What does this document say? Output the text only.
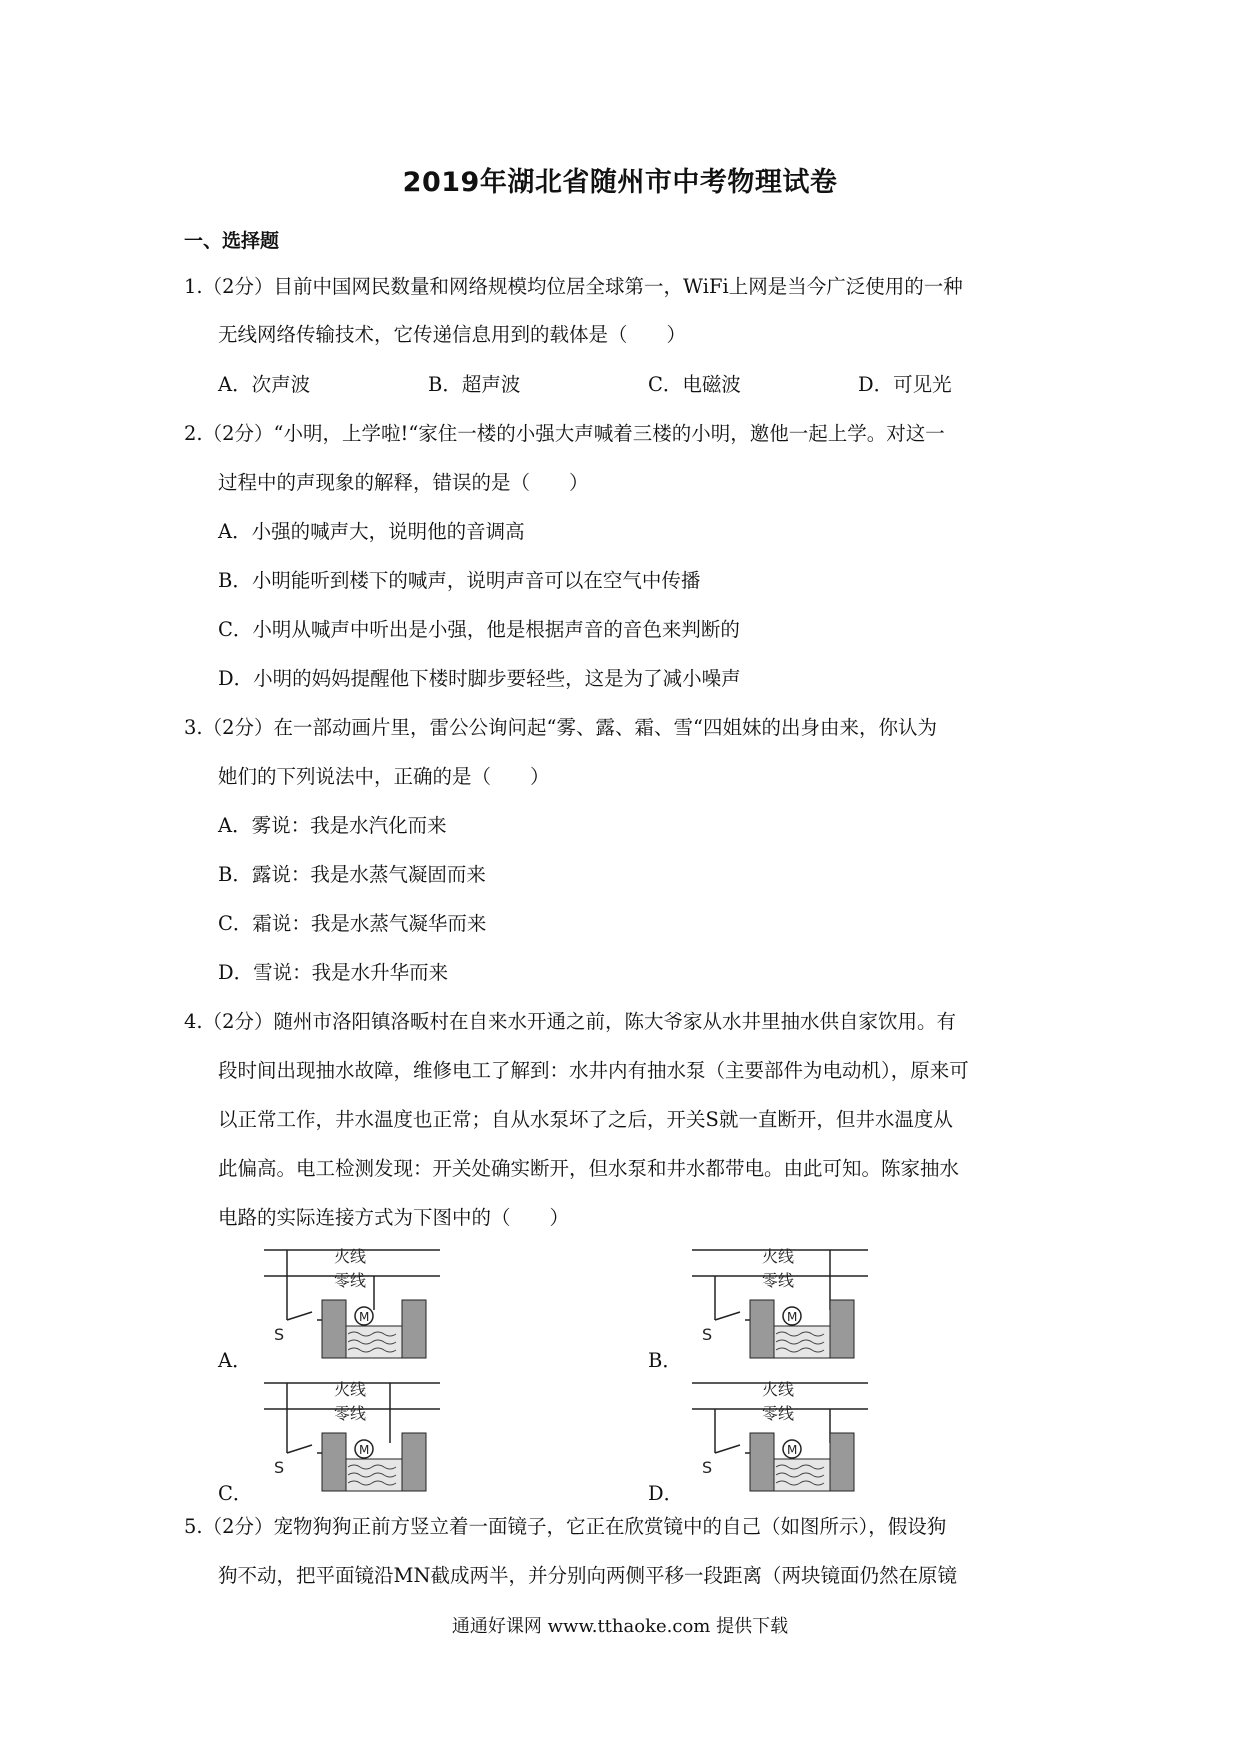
2019年湖北省随州市中考物理试卷
一、选择题
1.（2分）目前中国网民数量和网络规模均位居全球第一，WiFi上网是当今广泛使用的一种
无线网络传输技术，它传递信息用到的载体是（　　）
A．次声波	B．超声波	C．电磁波	D．可见光
2.（2分）“小明，上学啦!“家住一楼的小强大声喊着三楼的小明，邀他一起上学。对这一
过程中的声现象的解释，错误的是（　　）
A．小强的喊声大，说明他的音调高
B．小明能听到楼下的喊声，说明声音可以在空气中传播
C．小明从喊声中听出是小强，他是根据声音的音色来判断的
D．小明的妈妈提醒他下楼时脚步要轻些，这是为了减小噪声
3.（2分）在一部动画片里，雷公公询问起“雾、露、霜、雪“四姐妹的出身由来，你认为
她们的下列说法中，正确的是（　　）
A．雾说：我是水汽化而来
B．露说：我是水蒸气凝固而来
C．霜说：我是水蒸气凝华而来
D．雪说：我是水升华而来
4.（2分）随州市洛阳镇洛畈村在自来水开通之前，陈大爷家从水井里抽水供自家饮用。有
段时间出现抽水故障，维修电工了解到：水井内有抽水泵（主要部件为电动机），原来可
以正常工作，井水温度也正常；自从水泵坏了之后，开关S就一直断开，但井水温度从
此偏高。电工检测发现：开关处确实断开，但水泵和井水都带电。由此可知。陈家抽水
电路的实际连接方式为下图中的（　　）
A．	B．
C．	D．
火线
零线
S
M
火线
零线
S
M
火线
零线
S
M
火线
零线
S
M
5.（2分）宠物狗狗正前方竖立着一面镜子，它正在欣赏镜中的自己（如图所示），假设狗
狗不动，把平面镜沿MN截成两半，并分别向两侧平移一段距离（两块镜面仍然在原镜
通通好课网 www.tthaoke.com 提供下载
